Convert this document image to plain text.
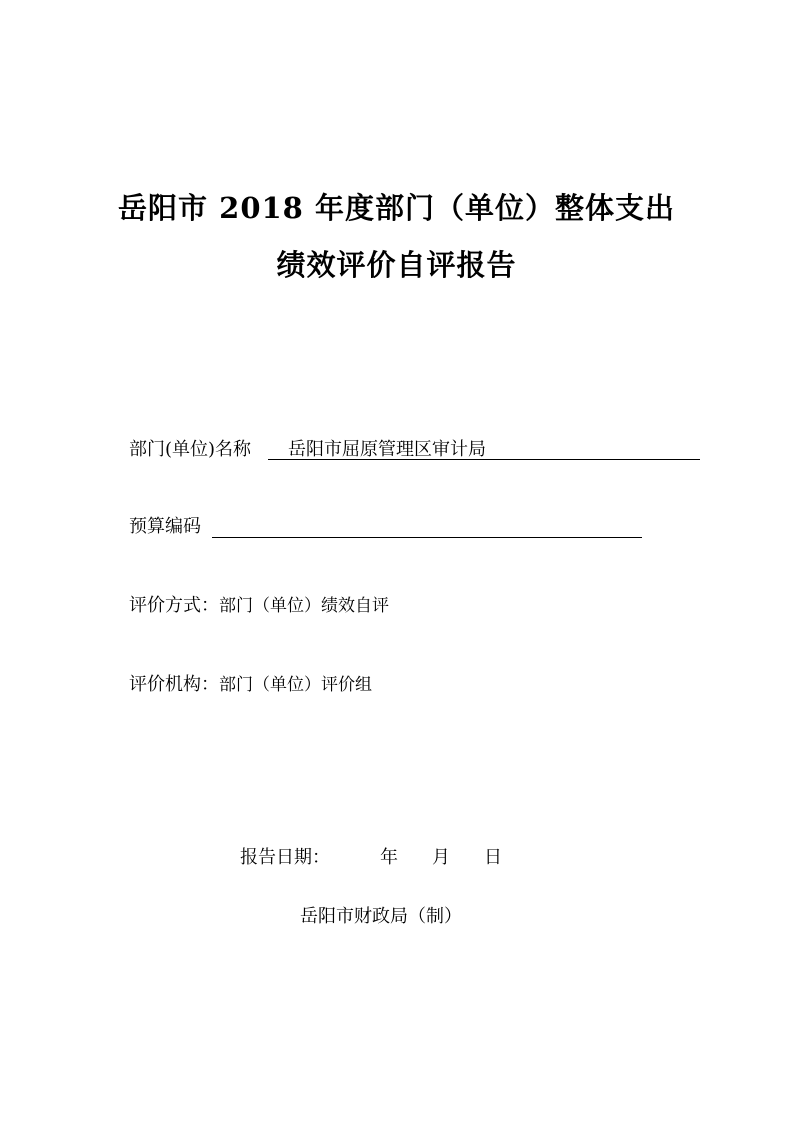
岳阳市 2018 年度部门（单位）整体支出
绩效评价自评报告
部门(单位)名称 岳阳市屈原管理区审计局
预算编码
评价方式：部门（单位）绩效自评
评价机构：部门（单位）评价组
报告日期：	年 月 日
岳阳市财政局（制）
